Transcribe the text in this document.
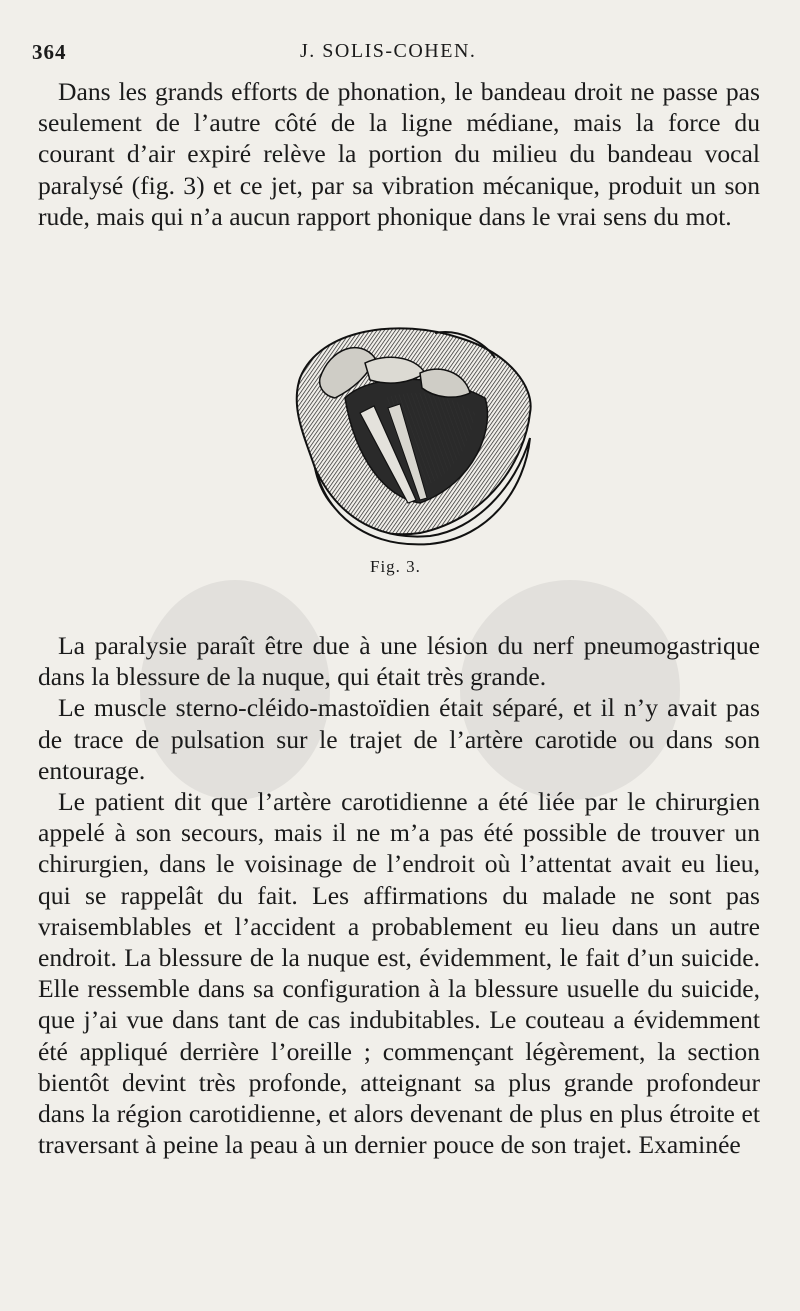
364	J. SOLIS-COHEN.

Dans les grands efforts de phonation, le bandeau droit ne passe pas seulement de l’autre côté de la ligne médiane, mais la force du courant d’air expiré relève la portion du milieu du bandeau vocal paralysé (fig. 3) et ce jet, par sa vibration mécanique, produit un son rude, mais qui n’a aucun rapport phonique dans le vrai sens du mot.

Fig. 3.

La paralysie paraît être due à une lésion du nerf pneumogastrique dans la blessure de la nuque, qui était très grande.

Le muscle sterno-cléido-mastoïdien était séparé, et il n’y avait pas de trace de pulsation sur le trajet de l’artère carotide ou dans son entourage.

Le patient dit que l’artère carotidienne a été liée par le chirurgien appelé à son secours, mais il ne m’a pas été possible de trouver un chirurgien, dans le voisinage de l’endroit où l’attentat avait eu lieu, qui se rappelât du fait. Les affirmations du malade ne sont pas vraisemblables et l’accident a probablement eu lieu dans un autre endroit. La blessure de la nuque est, évidemment, le fait d’un suicide. Elle ressemble dans sa configuration à la blessure usuelle du suicide, que j’ai vue dans tant de cas indubitables. Le couteau a évidemment été appliqué derrière l’oreille ; commençant légèrement, la section bientôt devint très profonde, atteignant sa plus grande profondeur dans la région carotidienne, et alors devenant de plus en plus étroite et traversant à peine la peau à un dernier pouce de son trajet. Examinée
